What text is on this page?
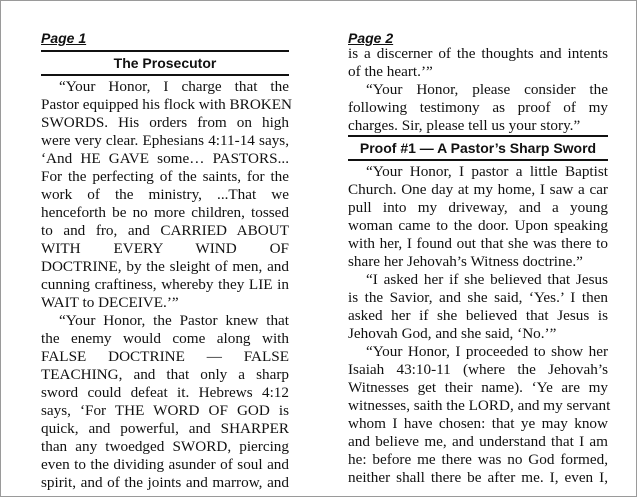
Page 1
The Prosecutor
“Your Honor, I charge that the
Pastor equipped his flock with BROKEN
SWORDS. His orders from on high
were very clear. Ephesians 4:11-14 says,
‘And HE GAVE some… PASTORS...
For the perfecting of the saints, for the
work of the ministry, ...That we
henceforth be no more children, tossed
to and fro, and CARRIED ABOUT
WITH EVERY WIND OF
DOCTRINE, by the sleight of men, and
cunning craftiness, whereby they LIE in
WAIT to DECEIVE.’”
“Your Honor, the Pastor knew that
the enemy would come along with
FALSE DOCTRINE — FALSE
TEACHING, and that only a sharp
sword could defeat it. Hebrews 4:12
says, ‘For THE WORD OF GOD is
quick, and powerful, and SHARPER
than any twoedged SWORD, piercing
even to the dividing asunder of soul and
spirit, and of the joints and marrow, and
Page 2
is a discerner of the thoughts and intents
of the heart.’”
“Your Honor, please consider the
following testimony as proof of my
charges. Sir, please tell us your story.”
Proof #1 — A Pastor’s Sharp Sword
“Your Honor, I pastor a little Baptist
Church. One day at my home, I saw a car
pull into my driveway, and a young
woman came to the door. Upon speaking
with her, I found out that she was there to
share her Jehovah’s Witness doctrine.”
“I asked her if she believed that Jesus
is the Savior, and she said, ‘Yes.’ I then
asked her if she believed that Jesus is
Jehovah God, and she said, ‘No.’”
“Your Honor, I proceeded to show her
Isaiah 43:10-11 (where the Jehovah’s
Witnesses get their name). ‘Ye are my
witnesses, saith the LORD, and my servant
whom I have chosen: that ye may know
and believe me, and understand that I am
he: before me there was no God formed,
neither shall there be after me. I, even I,
